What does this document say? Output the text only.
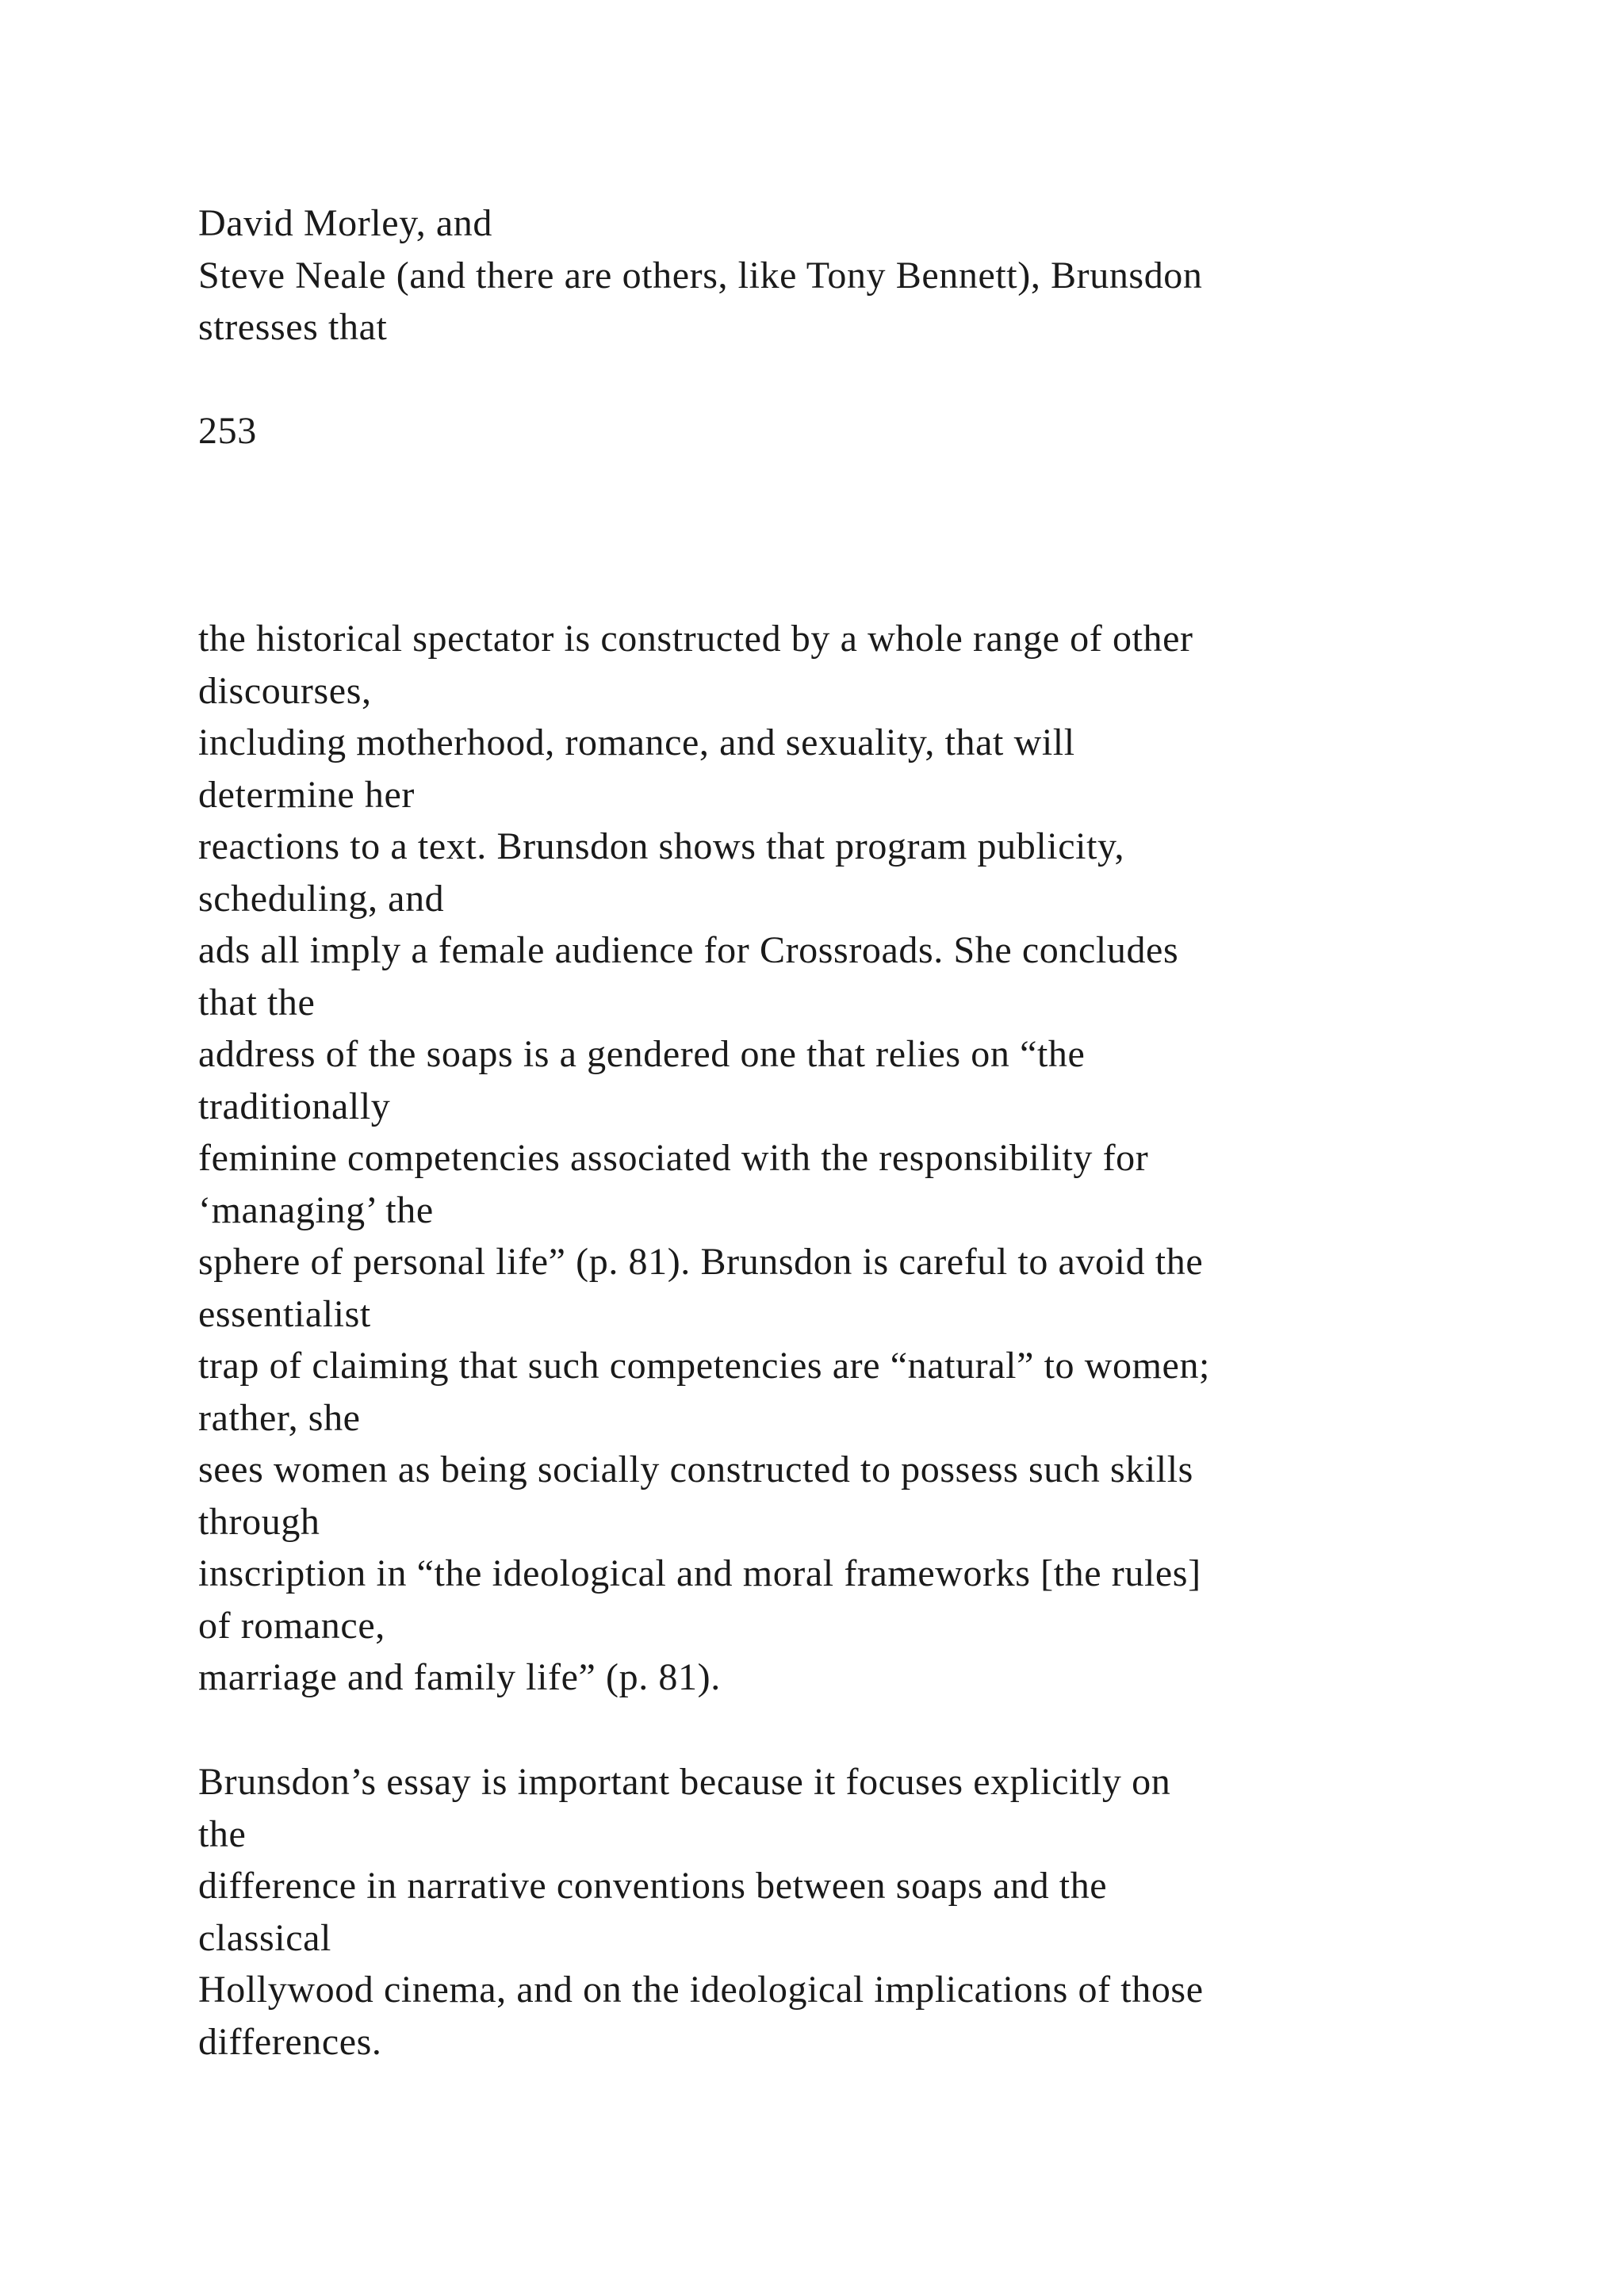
David Morley, and
Steve Neale (and there are others, like Tony Bennett), Brunsdon
stresses that
253
the historical spectator is constructed by a whole range of other
discourses,
including motherhood, romance, and sexuality, that will
determine her
reactions to a text. Brunsdon shows that program publicity,
scheduling, and
ads all imply a female audience for Crossroads. She concludes
that the
address of the soaps is a gendered one that relies on “the
traditionally
feminine competencies associated with the responsibility for
‘managing’ the
sphere of personal life” (p. 81). Brunsdon is careful to avoid the
essentialist
trap of claiming that such competencies are “natural” to women;
rather, she
sees women as being socially constructed to possess such skills
through
inscription in “the ideological and moral frameworks [the rules]
of romance,
marriage and family life” (p. 81).
Brunsdon’s essay is important because it focuses explicitly on
the
difference in narrative conventions between soaps and the
classical
Hollywood cinema, and on the ideological implications of those
differences.
